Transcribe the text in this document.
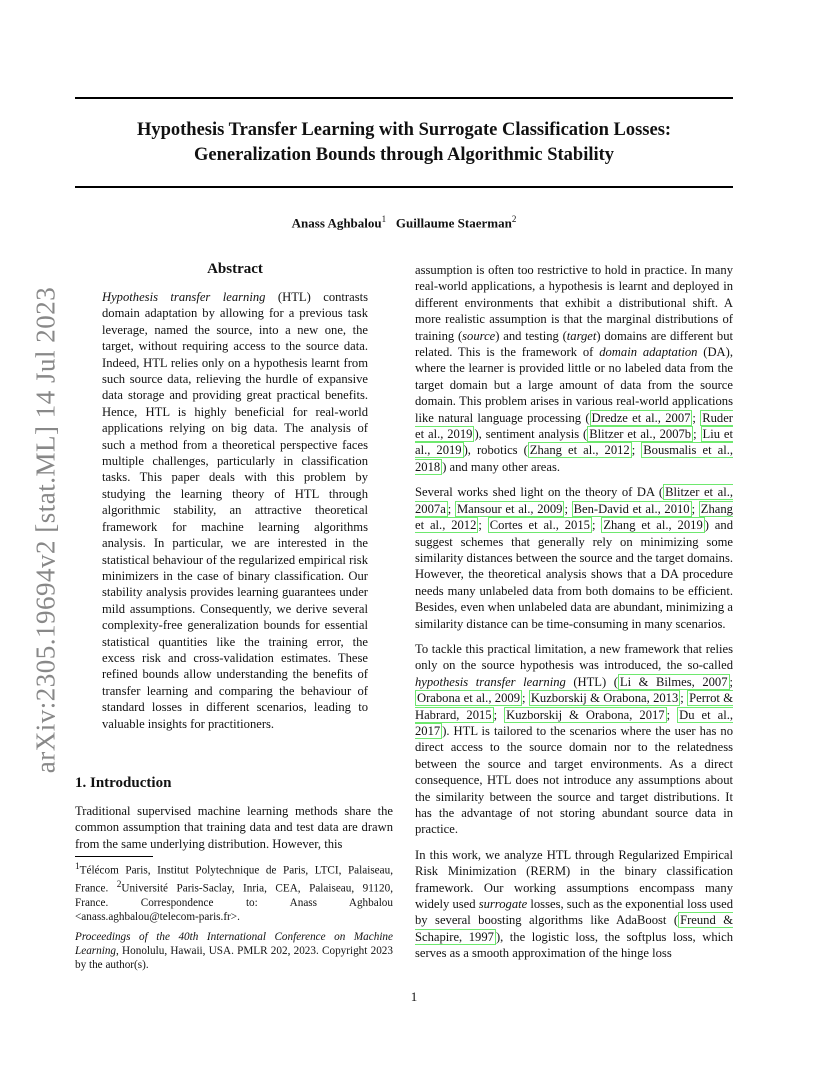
Hypothesis Transfer Learning with Surrogate Classification Losses:
Generalization Bounds through Algorithmic Stability
Anass Aghbalou$^1$ Guillaume Staerman$^2$
arXiv:2305.19694v2 [stat.ML] 14 Jul 2023
Abstract
Hypothesis transfer learning (HTL) contrasts domain adaptation by allowing for a previous task leverage, named the source, into a new one, the target, without requiring access to the source data. Indeed, HTL relies only on a hypothesis learnt from such source data, relieving the hurdle of expansive data storage and providing great practical benefits. Hence, HTL is highly beneficial for real-world applications relying on big data. The analysis of such a method from a theoretical perspective faces multiple challenges, particularly in classification tasks. This paper deals with this problem by studying the learning theory of HTL through algorithmic stability, an attractive theoretical framework for machine learning algorithms analysis. In particular, we are interested in the statistical behaviour of the regularized empirical risk minimizers in the case of binary classification. Our stability analysis provides learning guarantees under mild assumptions. Consequently, we derive several complexity-free generalization bounds for essential statistical quantities like the training error, the excess risk and cross-validation estimates. These refined bounds allow understanding the benefits of transfer learning and comparing the behaviour of standard losses in different scenarios, leading to valuable insights for practitioners.
1. Introduction
Traditional supervised machine learning methods share the common assumption that training data and test data are drawn from the same underlying distribution. However, this
$^1$Télécom Paris, Institut Polytechnique de Paris, LTCI, Palaiseau, France. $^2$Université Paris-Saclay, Inria, CEA, Palaiseau, 91120, France. Correspondence to: Anass Aghbalou <anass.aghbalou@telecom-paris.fr>.
Proceedings of the 40th International Conference on Machine Learning, Honolulu, Hawaii, USA. PMLR 202, 2023. Copyright 2023 by the author(s).

assumption is often too restrictive to hold in practice. In many real-world applications, a hypothesis is learnt and deployed in different environments that exhibit a distributional shift. A more realistic assumption is that the marginal distributions of training (source) and testing (target) domains are different but related. This is the framework of domain adaptation (DA), where the learner is provided little or no labeled data from the target domain but a large amount of data from the source domain. This problem arises in various real-world applications like natural language processing ( Dredze et al., 2007 ; Ruder et al., 2019 ), sentiment analysis ( Blitzer et al., 2007b ; Liu et al., 2019 ), robotics ( Zhang et al., 2012 ; Bousmalis et al., 2018 ) and many other areas.

Several works shed light on the theory of DA ( Blitzer et al., 2007a ; Mansour et al., 2009 ; Ben-David et al., 2010 ; Zhang et al., 2012 ; Cortes et al., 2015 ; Zhang et al., 2019 ) and suggest schemes that generally rely on minimizing some similarity distances between the source and the target domains. However, the theoretical analysis shows that a DA procedure needs many unlabeled data from both domains to be efficient. Besides, even when unlabeled data are abundant, minimizing a similarity distance can be time-consuming in many scenarios.

To tackle this practical limitation, a new framework that relies only on the source hypothesis was introduced, the so-called hypothesis transfer learning (HTL) ( Li & Bilmes, 2007 ; Orabona et al., 2009 ; Kuzborskij & Orabona, 2013 ; Perrot & Habrard, 2015 ; Kuzborskij & Orabona, 2017 ; Du et al., 2017 ). HTL is tailored to the scenarios where the user has no direct access to the source domain nor to the relatedness between the source and target environments. As a direct consequence, HTL does not introduce any assumptions about the similarity between the source and target distributions. It has the advantage of not storing abundant source data in practice.

In this work, we analyze HTL through Regularized Empirical Risk Minimization (RERM) in the binary classification framework. Our working assumptions encompass many widely used surrogate losses, such as the exponential loss used by several boosting algorithms like AdaBoost ( Freund & Schapire, 1997 ), the logistic loss, the softplus loss, which serves as a smooth approximation of the hinge loss

1
